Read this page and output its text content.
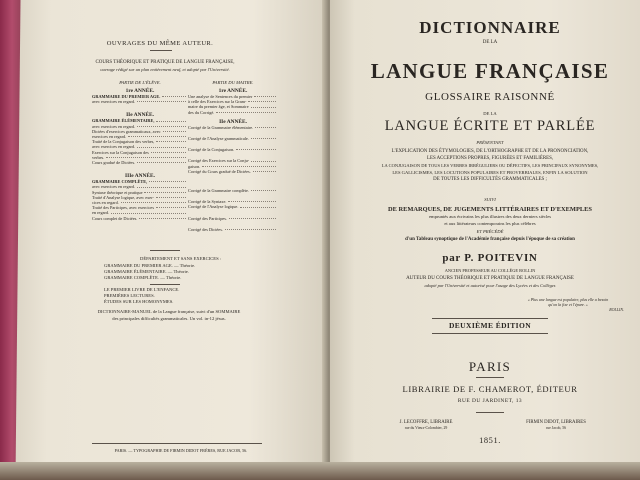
OUVRAGES DU MÊME AUTEUR.
COURS THÉORIQUE ET PRATIQUE DE LANGUE FRANÇAISE,
ouvrage rédigé sur un plan entièrement neuf, et adopté par l'Université.
PARTIE DE L'ÉLÈVE.
1re ANNÉE.
GRAMMAIRE DU PREMIER AGE.
avec exercices en regard.
IIe ANNÉE.
GRAMMAIRE ÉLÉMENTAIRE,
avec exercices en regard.
Dictées d'exercices grammaticaux, avec
exercices en regard.
Traité de la Conjugaison des verbes,
avec exercices en regard.
Exercices sur la Conjugaison des
verbes.
Cours gradué de Dictées.
IIIe ANNÉE.
GRAMMAIRE COMPLÈTE,
avec exercices en regard.
Syntaxe théorique et pratique
Traité d'Analyse logique, avec exer-
cices en regard.
Traité des Participes, avec exercices
en regard.
Cours complet de Dictées.
PARTIE DU MAITRE.
1re ANNÉE.
Une analyse de Sentences du premier
à celle des Exercices sur la Gram-
maire du premier âge, et Sommaire
des du Corrigé.
IIe ANNÉE.
Corrigé de la Grammaire élémentaire.
Corrigé de l'Analyse grammaticale.
Corrigé de la Conjugaison.
Corrigé des Exercices sur la Conju-
gaison.
Corrigé du Cours gradué de Dictées.
Corrigé de la Grammaire complète.
Corrigé de la Syntaxe.
Corrigé de l'Analyse logique.
Corrigé des Participes.
Corrigé des Dictées.
DÉPARTEMENT ET SANS EXERCICES :
GRAMMAIRE DU PREMIER AGE. — Théorie.
GRAMMAIRE ÉLÉMENTAIRE. — Théorie.
GRAMMAIRE COMPLÈTE. — Théorie.
LE PREMIER LIVRE DE L'ENFANCE.
PREMIÈRES LECTURES.
ÉTUDES SUR LES HOMONYMES.
DICTIONNAIRE-MANUEL de la Langue française, suivi d'un SOMMAIRE
des principales difficultés grammaticales. Un vol. in-12 jésus.
PARIS. — TYPOGRAPHIE DE FIRMIN DIDOT FRÈRES, RUE JACOB, 56.
DICTIONNAIRE
DE LA
LANGUE FRANÇAISE
GLOSSAIRE RAISONNÉ
DE LA
LANGUE ÉCRITE ET PARLÉE
PRÉSENTANT
L'EXPLICATION DES ÉTYMOLOGIES, DE L'ORTHOGRAPHE ET DE LA PRONONCIATION,
LES ACCEPTIONS PROPRES, FIGURÉES ET FAMILIÈRES,
LA CONJUGAISON DE TOUS LES VERBES IRRÉGULIERS OU DÉFECTIFS, LES PRINCIPAUX SYNONYMES,
LES GALLICISMES, LES LOCUTIONS POPULAIRES ET PROVERBIALES, ENFIN LA SOLUTION
DE TOUTES LES DIFFICULTÉS GRAMMATICALES ;
SUIVI
DE REMARQUES, DE JUGEMENTS LITTÉRAIRES ET D'EXEMPLES
empruntés aux écrivains les plus illustres des deux derniers siècles
et aux littérateurs contemporains les plus célèbres
ET PRÉCÉDÉ
d'un Tableau synoptique de l'Académie française depuis l'époque de sa création
par P. POITEVIN
ANCIEN PROFESSEUR AU COLLÉGE ROLLIN
AUTEUR DU COURS THÉORIQUE ET PRATIQUE DE LANGUE FRANÇAISE
adopté par l'Université et autorisé pour l'usage des Lycées et des Collèges
« Plus une langue est populaire, plus elle a besoin
qu'on la fixe et l'épure. »
ROLLIN.
DEUXIÈME ÉDITION
PARIS
LIBRAIRIE DE F. CHAMEROT, ÉDITEUR
RUE DU JARDINET, 13
J. LECOFFRE, LIBRAIRE
rue du Vieux-Colombier, 29
FIRMIN DIDOT, LIBRAIRES
rue Jacob, 56
1851.
